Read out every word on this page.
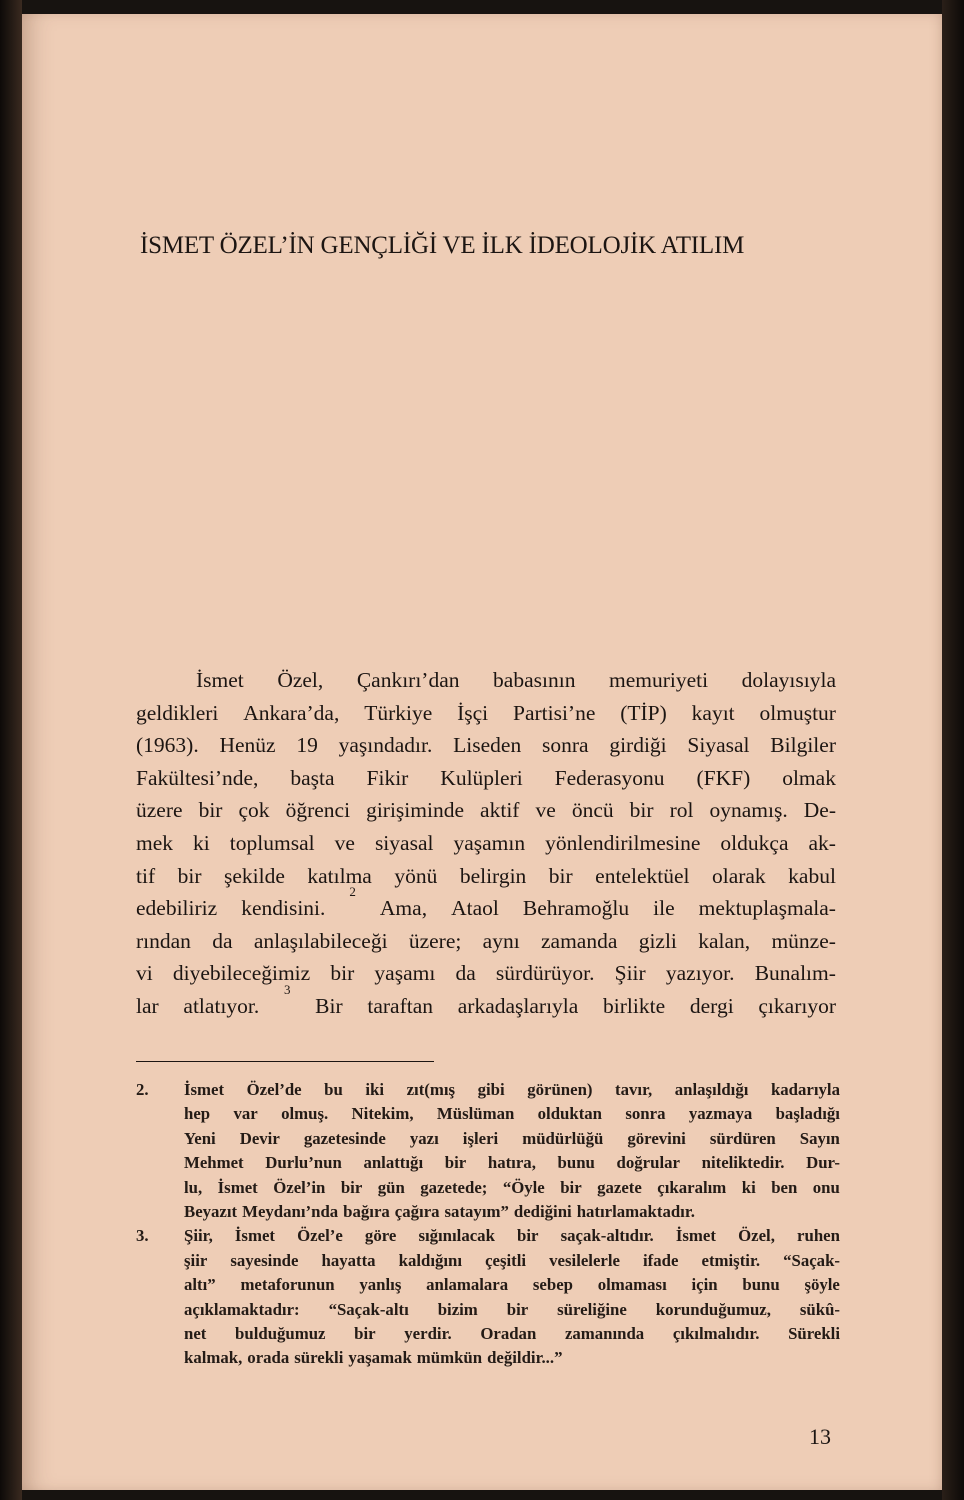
İSMET ÖZEL’İN GENÇLİĞİ VE İLK İDEOLOJİK ATILIM
İsmet Özel, Çankırı’dan babasının memuriyeti dolayısıyla
geldikleri Ankara’da, Türkiye İşçi Partisi’ne (TİP) kayıt olmuştur
(1963). Henüz 19 yaşındadır. Liseden sonra girdiği Siyasal Bilgiler
Fakültesi’nde, başta Fikir Kulüpleri Federasyonu (FKF) olmak
üzere bir çok öğrenci girişiminde aktif ve öncü bir rol oynamış. De-
mek ki toplumsal ve siyasal yaşamın yönlendirilmesine oldukça ak-
tif bir şekilde katılma yönü belirgin bir entelektüel olarak kabul
edebiliriz kendisini.
2
Ama, Ataol Behramoğlu ile mektuplaşmala-
rından da anlaşılabileceği üzere; aynı zamanda gizli kalan, münze-
vi diyebileceğimiz bir yaşamı da sürdürüyor. Şiir yazıyor. Bunalım-
lar atlatıyor.
3
Bir taraftan arkadaşlarıyla birlikte dergi çıkarıyor
2.	İsmet Özel’de bu iki zıt(mış gibi görünen) tavır, anlaşıldığı kadarıyla
hep var olmuş. Nitekim, Müslüman olduktan sonra yazmaya başladığı
Yeni Devir gazetesinde yazı işleri müdürlüğü görevini sürdüren Sayın
Mehmet Durlu’nun anlattığı bir hatıra, bunu doğrular niteliktedir. Dur-
lu, İsmet Özel’in bir gün gazetede; “Öyle bir gazete çıkaralım ki ben onu
Beyazıt Meydanı’nda bağıra çağıra satayım” dediğini hatırlamaktadır.
3.	Şiir, İsmet Özel’e göre sığınılacak bir saçak-altıdır. İsmet Özel, ruhen
şiir sayesinde hayatta kaldığını çeşitli vesilelerle ifade etmiştir. “Saçak-
altı” metaforunun yanlış anlamalara sebep olmaması için bunu şöyle
açıklamaktadır: “Saçak-altı bizim bir süreliğine korunduğumuz, sükû-
net bulduğumuz bir yerdir. Oradan zamanında çıkılmalıdır. Sürekli
kalmak, orada sürekli yaşamak mümkün değildir...”
13
